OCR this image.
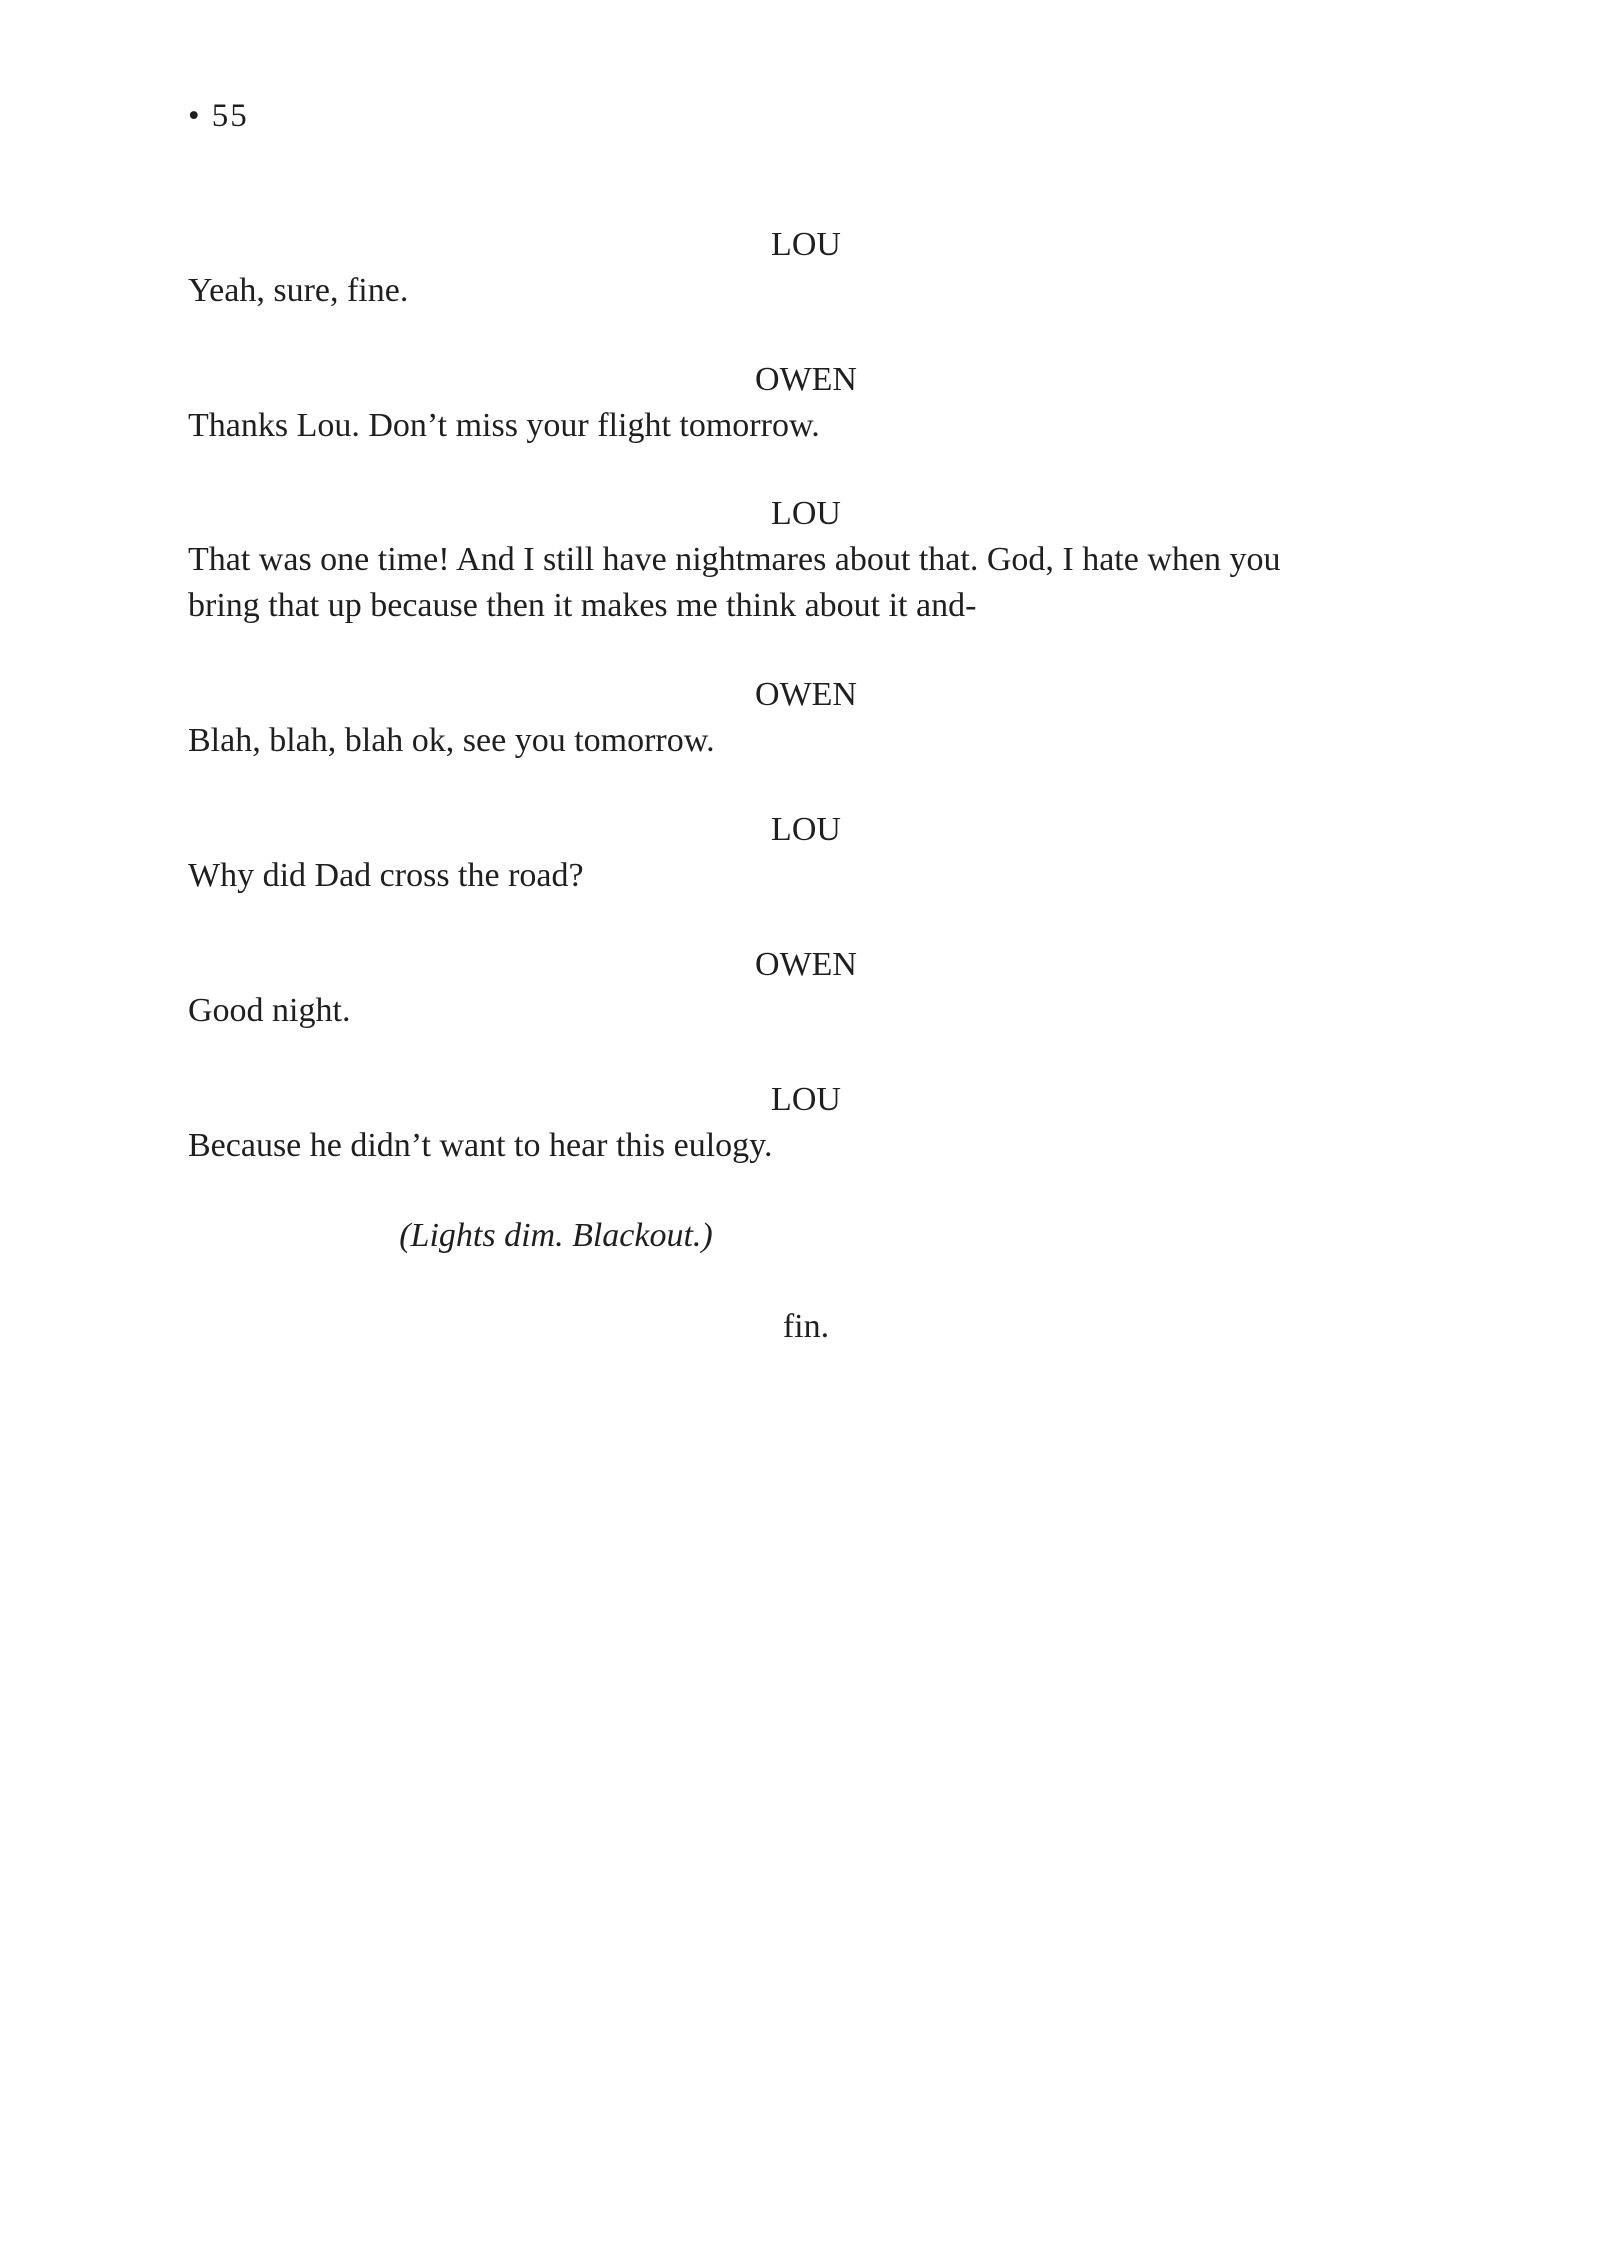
• 55
LOU
Yeah, sure, fine.
OWEN
Thanks Lou. Don’t miss your flight tomorrow.
LOU
That was one time! And I still have nightmares about that. God, I hate when you
bring that up because then it makes me think about it and-
OWEN
Blah, blah, blah ok, see you tomorrow.
LOU
Why did Dad cross the road?
OWEN
Good night.
LOU
Because he didn’t want to hear this eulogy.
(Lights dim. Blackout.)
fin.
